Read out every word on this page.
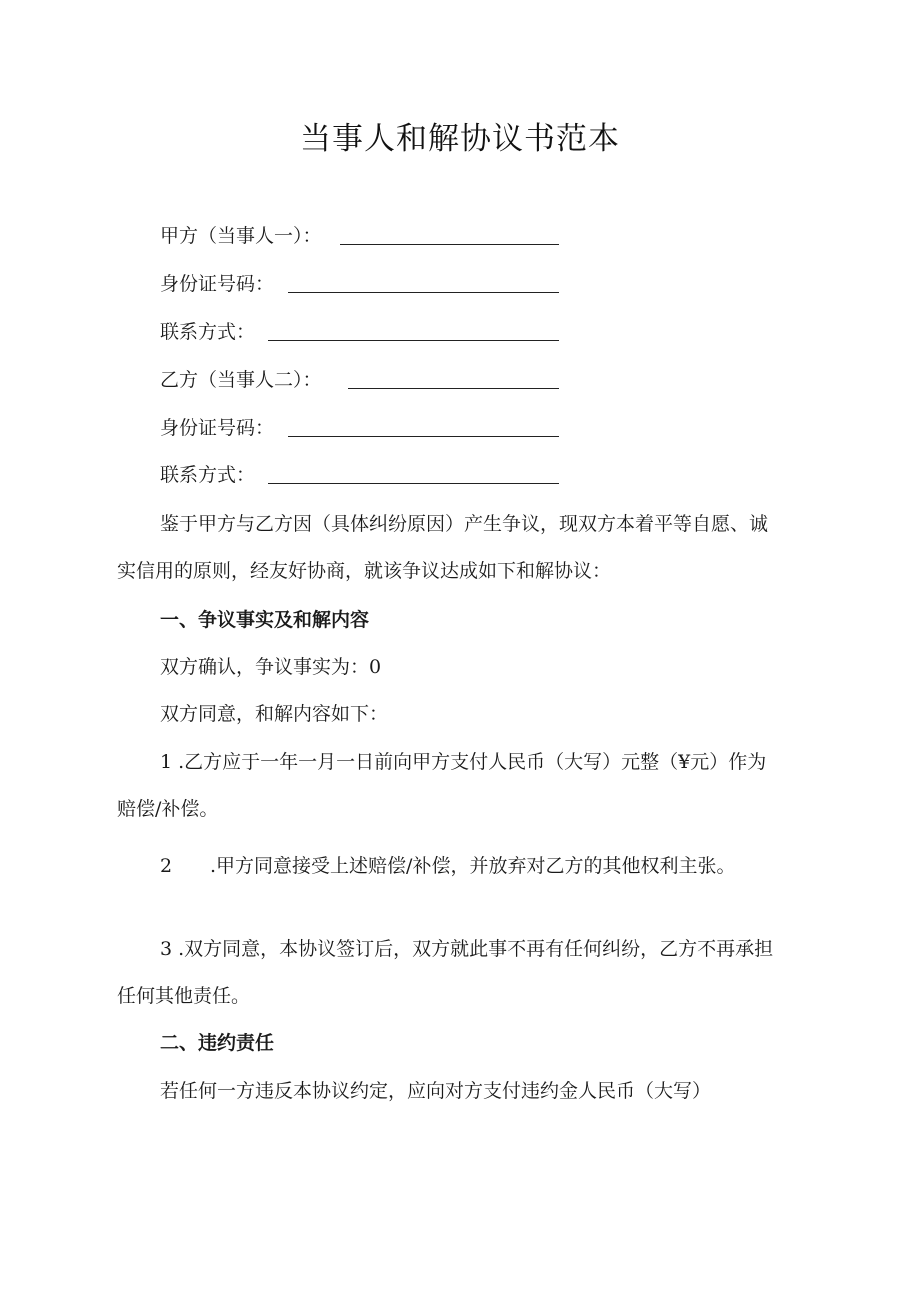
当事人和解协议书范本
甲方（当事人一）：
身份证号码：
联系方式：
乙方（当事人二）：
身份证号码：
联系方式：
鉴于甲方与乙方因（具体纠纷原因）产生争议，现双方本着平等自愿、诚
实信用的原则，经友好协商，就该争议达成如下和解协议：
一、争议事实及和解内容
双方确认，争议事实为：0
双方同意，和解内容如下：
1 .乙方应于一年一月一日前向甲方支付人民币（大写）元整（¥元）作为
赔偿/补偿。
2 .甲方同意接受上述赔偿/补偿，并放弃对乙方的其他权利主张。
3 .双方同意，本协议签订后，双方就此事不再有任何纠纷，乙方不再承担
任何其他责任。
二、违约责任
若任何一方违反本协议约定，应向对方支付违约金人民币（大写）
